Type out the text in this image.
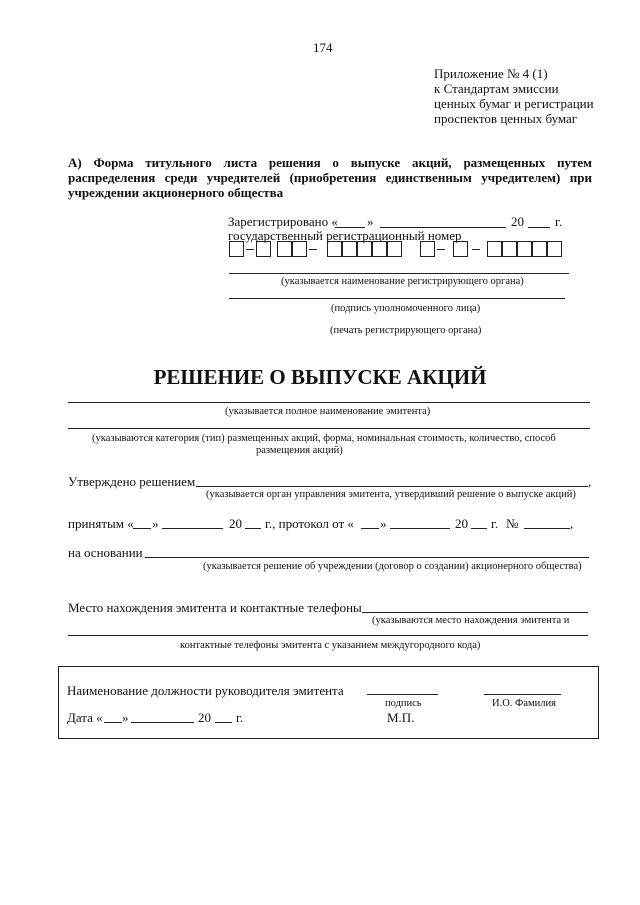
174
Приложение № 4 (1)
к Стандартам эмиссии
ценных бумаг и регистрации
проспектов ценных бумаг
А) Форма титульного листа решения о выпуске акций, размещенных путем
распределения среди учредителей (приобретения единственным учредителем) при
учреждении акционерного общества
Зарегистрировано « »	20 г.
государственный регистрационный номер
(указывается наименование регистрирующего органа)
(подпись уполномоченного лица)
(печать регистрирующего органа)
РЕШЕНИЕ О ВЫПУСКЕ АКЦИЙ
(указывается полное наименование эмитента)
(указываются категория (тип) размещенных акций, форма, номинальная стоимость, количество, способ
размещения акций)
Утверждено решением	,
(указывается орган управления эмитента, утвердивший решение о выпуске акций)
принятым « »	20 г., протокол от « »	20 г. №	,
на основании
(указывается решение об учреждении (договор о создании) акционерного общества)
Место нахождения эмитента и контактные телефоны
(указываются место нахождения эмитента и
контактные телефоны эмитента с указанием междугородного кода)
Наименование должности руководителя эмитента
подпись	И.О. Фамилия
Дата « »	20 г.	М.П.
